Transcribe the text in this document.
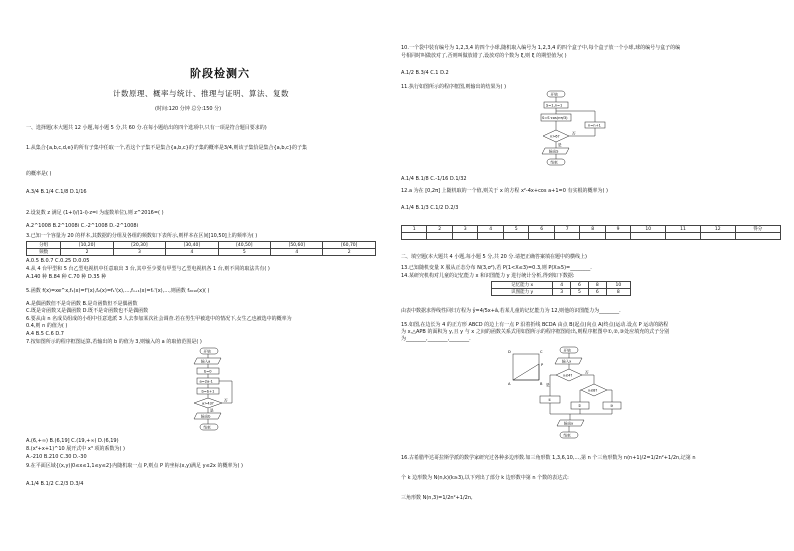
阶段检测六
计数原理、概率与统计、推理与证明、算法、复数
(时间:120 分钟 总分:150 分)
一、选择题(本大题共 12 小题,每小题 5 分,共 60 分.在每小题给出的四个选项中,只有一项是符合题目要求的)
1.从集合{a,b,c,d,e}的所有子集中任取一个,若这个子集不是集合{a,b,c}的子集的概率是3/4,则该子集恰是集合{a,b,c}的子集
的概率是( )
A.3/4 B.1/4 C.1/8 D.1/16
2.设复数 z 满足 (1+i)/(1-i)·z=i 为虚数单位),则 z^2016=( )
A.2^1008 B.2^1008i C.-2^1008 D.-2^1008i
3.已知一个容量为 20 的样本,其数据的分组及各组的频数如下表所示,则样本在区间[10,50]上的频率为( )
分组	[10,20]	[20,30]	[30,40]	[40,50]	[50,60]	[60,70]
频数	2	3	4	5	4	2
A.0.5 B.0.7 C.0.25 D.0.05
4.从 4 台甲型和 5 台乙型电视机中任意取出 3 台,其中至少要有甲型与乙型电视机各 1 台,则不同的取法共有( )
A.140 种 B.84 种 C.70 种 D.35 种
5.函数 f(x)=xe^x,f₁(x)=f'(x),f₂(x)=f₁'(x),…,fₙ₊₁(x)=fₙ'(x),…,则函数 f₂₀₁₆(x)( )
A.是偶函数但不是奇函数 B.是奇函数但不是偶函数
C.既是奇函数又是偶函数 D.既不是奇函数也不是偶函数
6.要从由 n 名成员组成的小组中任意选派 3 人去参加某次社会调查.若在男生甲被选中的情况下,女生乙也被选中的概率为
0.4,则 n 的值为( )
A.4 B.5 C.6 D.7
7.按如图所示的程序框图运算,若输出的 b 的值为 3,则输入的 a 的取值范围是( )
开始
输入a
b=0
a=2a-1
b=b+1
a>43?
否
是
输出b
结束
A.(6,+∞) B.(6,19] C.(19,+∞) D.(6,19)
8.(x²+x+1)^10 展开式中 x³ 项的系数为( )
A.-210 B.210 C.30 D.-30
9.在平面区域{(x,y)|0≤x≤1,1≤y≤2}内随机取一点 P,则点 P 的坐标(x,y)满足 y≤2x 的概率为( )
A.1/4 B.1/2 C.2/3 D.3/4
10.一个袋中装有编号为 1,2,3,4 的四个小球,随机取入编号为 1,2,3,4 的四个盒子中,每个盒子放一个小球,球的编号与盒子的编
号相同时叫做放对了,否则叫做放错了,设放对的个数为 ξ,则 ξ 的期望值为( )
A.1/2 B.3/4 C.1 D.2
11.执行如图所示的程序框图,则输出的结果为( )
开始
S=1,n=1
S=S·cos(nπ/3)
n=n+1
n>6?
否
是
输出S
结束
A.1/4 B.1/8 C.-1/16 D.1/32
12.a 为在 [0,2π] 上随机取的一个值,则关于 x 的方程 x²-4x+cos a+1=0 有实根的概率为( )
A.1/4 B.1/3 C.1/2 D.2/3
1	2	3	4	5	6	7	8	9	10	11	12	得分

二、填空题(本大题共 4 小题,每小题 5 分,共 20 分.请把正确答案填在题中的横线上)
13.已知随机变量 X 服从正态分布 N(3,σ²),若 P(1<X≤3)=0.3,则 P(X≥5)=________.
14.某研究机构对儿童的记忆能力 x 和识图能力 y 进行统计分析,得到如下数据:
记忆能力 x	4	6	8	10
识图能力 y	3	5	6	8
由表中数据求得线性回归方程为 ŷ=4/5x+â,若某儿童的记忆能力为 12,则他的识图能力为________.
15.如图,在边长为 4 的正方形 ABCD 的边上有一点 P 沿着折线 BCDA 由点 B(起点)向点 A(终点)运动.设点 P 运动的路程
为 x,△APB 的面积为 y,且 y 与 x 之间的函数关系式用如图所示的程序框图给出,则程序框图中①,②,③处应填充的式子分别
为________,________,________.
A	B
C
D
P
开始
输入x
x≤4?
x≤8?
是
否
①
②	③
输出y
结束
16.古希腊毕达哥拉斯学派的数学家研究过各种多边形数.如三角形数 1,3,6,10,…,第 n 个三角形数为 n(n+1)/2=1/2n²+1/2n,记第 n
个 k 边形数为 N(n,k)(k≥3),以下列出了部分 k 边形数中第 n 个数的表达式:
三角形数 N(n,3)=1/2n²+1/2n,
